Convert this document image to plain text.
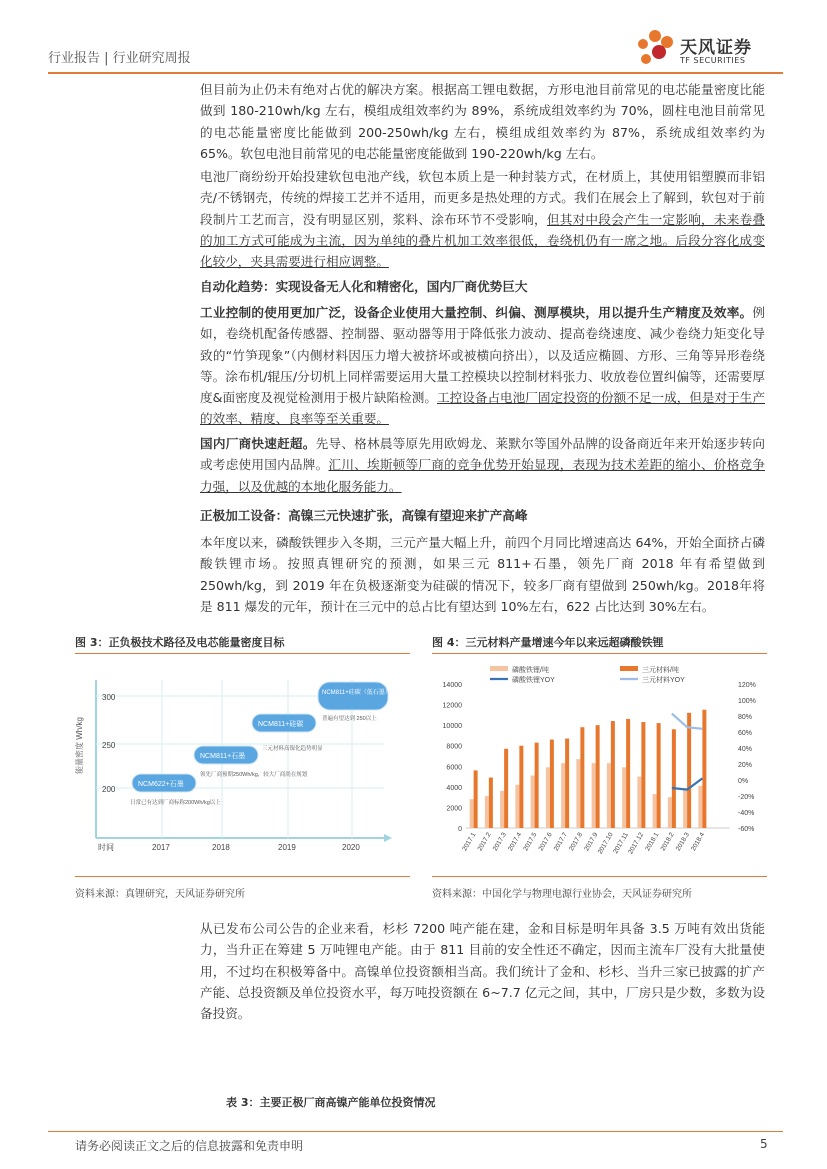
行业报告 | 行业研究周报
天风证券
TF SECURITIES

但目前为止仍未有绝对占优的解决方案。根据高工锂电数据，方形电池目前常见的电芯能量密度比能做到 180-210wh/kg 左右，模组成组效率约为 89%，系统成组效率约为 70%，圆柱电池目前常见的电芯能量密度比能做到 200-250wh/kg 左右，模组成组效率约为 87%，系统成组效率约为 65%。软包电池目前常见的电芯能量密度能做到 190-220wh/kg 左右。

电池厂商纷纷开始投建软包电池产线，软包本质上是一种封装方式，在材质上，其使用铝塑膜而非铝壳/不锈钢壳，传统的焊接工艺并不适用，而更多是热处理的方式。我们在展会上了解到，软包对于前段制片工艺而言，没有明显区别，浆料、涂布环节不受影响，但其对中段会产生一定影响，未来卷叠的加工方式可能成为主流，因为单纯的叠片机加工效率很低，卷绕机仍有一席之地。后段分容化成变化较少，夹具需要进行相应调整。

自动化趋势：实现设备无人化和精密化，国内厂商优势巨大

工业控制的使用更加广泛，设备企业使用大量控制、纠偏、测厚模块，用以提升生产精度及效率。例如，卷绕机配备传感器、控制器、驱动器等用于降低张力波动、提高卷绕速度、减少卷绕力矩变化导致的“竹笋现象”（内侧材料因压力增大被挤坏或被横向挤出），以及适应椭圆、方形、三角等异形卷绕等。涂布机/辊压/分切机上同样需要运用大量工控模块以控制材料张力、收放卷位置纠偏等，还需要厚度&面密度及视觉检测用于极片缺陷检测。工控设备占电池厂固定投资的份额不足一成，但是对于生产的效率、精度、良率等至关重要。

国内厂商快速赶超。先导、格林晨等原先用欧姆龙、莱默尔等国外品牌的设备商近年来开始逐步转向或考虑使用国内品牌。汇川、埃斯顿等厂商的竞争优势开始显现，表现为技术差距的缩小、价格竞争力强，以及优越的本地化服务能力。

正极加工设备：高镍三元快速扩张，高镍有望迎来扩产高峰

本年度以来，磷酸铁锂步入冬期，三元产量大幅上升，前四个月同比增速高达 64%，开始全面挤占磷酸铁锂市场。按照真锂研究的预测，如果三元 811+石墨，领先厂商 2018 年有希望做到 250wh/kg，到 2019 年在负极逐渐变为硅碳的情况下，较多厂商有望做到 250wh/kg。2018年将是 811 爆发的元年，预计在三元中的总占比有望达到 10%左右，622 占比达到 30%左右。

图 3：正负极技术路径及电芯能量密度目标
能量密度 Wh/kg
300
250
200
时间	2017	2018	2019	2020
NCM622+石墨
日常已有达到厂商标称200Wh/kg以上
NCM811+石墨
领先厂商预期250Wh/kg，较大厂商尚在规划
NCM811+硅碳
三元材料高镍化趋势明显
NCM811+硅碳（低石墨）
普遍有望达到 250以上
资料来源：真锂研究，天风证券研究所
图 4：三元材料产量增速今年以来远超磷酸铁锂
14000
12000
10000
8000
6000
4000
2000
0
120%
100%
80%
60%
40%
20%
0%
-20%
-40%
-60%
2017.1 2017.2 2017.3 2017.4 2017.5 2017.6 2017.7 2017.8 2017.9
2017.10
2017.11
2017.12 2018.1 2018.2 2018.3 2018.4
磷酸铁锂/吨
磷酸铁锂YOY
三元材料/吨
三元材料YOY
资料来源：中国化学与物理电源行业协会，天风证券研究所

从已发布公司公告的企业来看，杉杉 7200 吨产能在建，金和目标是明年具备 3.5 万吨有效出货能力，当升正在筹建 5 万吨锂电产能。由于 811 目前的安全性还不确定，因而主流车厂没有大批量使用，不过均在积极筹备中。高镍单位投资额相当高。我们统计了金和、杉杉、当升三家已披露的扩产产能、总投资额及单位投资水平，每万吨投资额在 6~7.7 亿元之间，其中，厂房只是少数，多数为设备投资。

表 3：主要正极厂商高镍产能单位投资情况
请务必阅读正文之后的信息披露和免责申明	5
